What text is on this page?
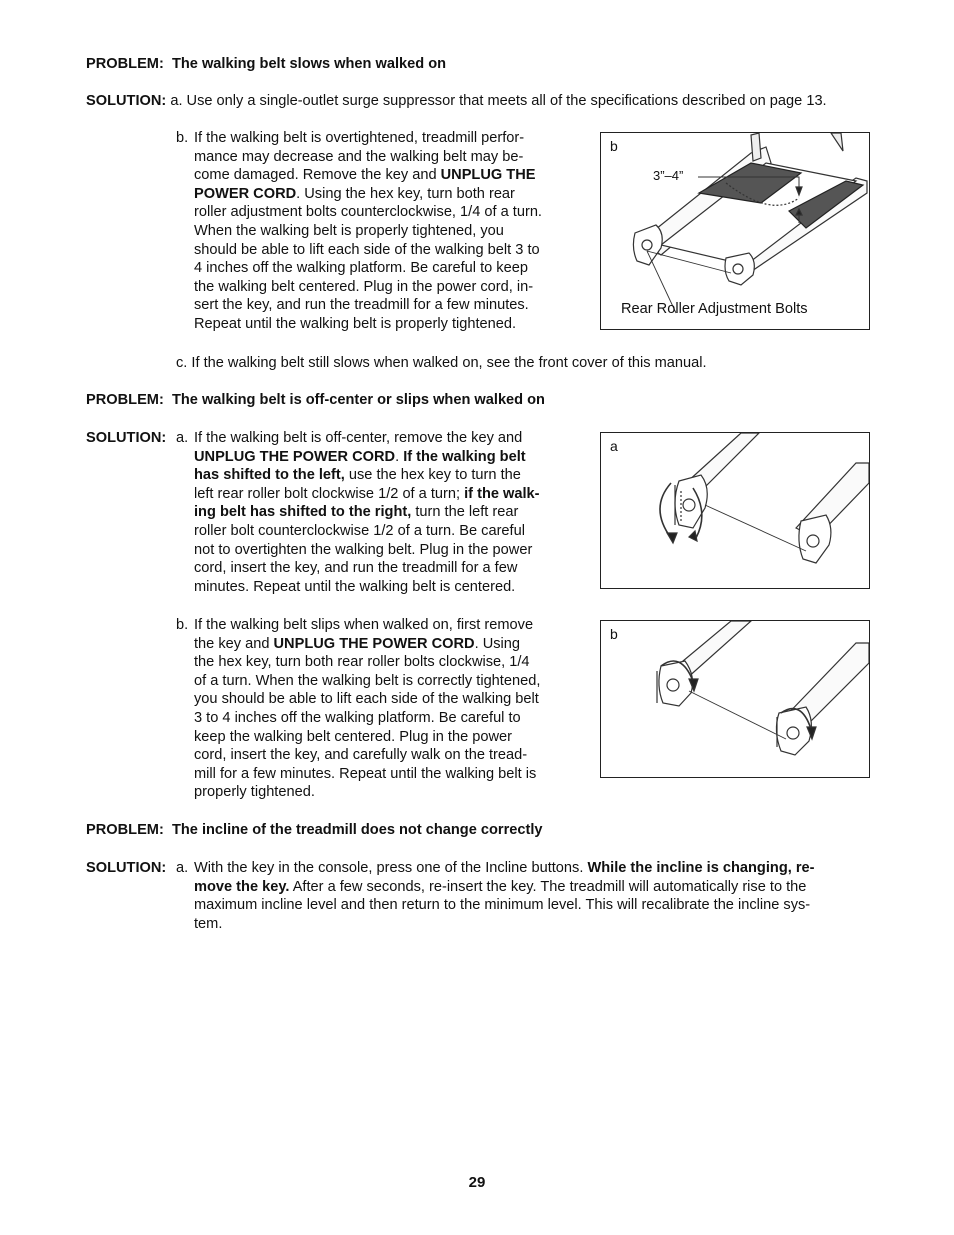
PROBLEM: The walking belt slows when walked on
SOLUTION: a. Use only a single-outlet surge suppressor that meets all of the specifications described on page 13.
b. If the walking belt is overtightened, treadmill perfor-
mance may decrease and the walking belt may be-
come damaged. Remove the key and UNPLUG THE
POWER CORD. Using the hex key, turn both rear
roller adjustment bolts counterclockwise, 1/4 of a turn.
When the walking belt is properly tightened, you
should be able to lift each side of the walking belt 3 to
4 inches off the walking platform. Be careful to keep
the walking belt centered. Plug in the power cord, in-
sert the key, and run the treadmill for a few minutes.
Repeat until the walking belt is properly tightened.
b
3”–4”
Rear Roller Adjustment Bolts
c. If the walking belt still slows when walked on, see the front cover of this manual.
PROBLEM: The walking belt is off-center or slips when walked on
SOLUTION: a. If the walking belt is off-center, remove the key and
UNPLUG THE POWER CORD. If the walking belt
has shifted to the left, use the hex key to turn the
left rear roller bolt clockwise 1/2 of a turn; if the walk-
ing belt has shifted to the right, turn the left rear
roller bolt counterclockwise 1/2 of a turn. Be careful
not to overtighten the walking belt. Plug in the power
cord, insert the key, and run the treadmill for a few
minutes. Repeat until the walking belt is centered.
a
b. If the walking belt slips when walked on, first remove
the key and UNPLUG THE POWER CORD. Using
the hex key, turn both rear roller bolts clockwise, 1/4
of a turn. When the walking belt is correctly tightened,
you should be able to lift each side of the walking belt
3 to 4 inches off the walking platform. Be careful to
keep the walking belt centered. Plug in the power
cord, insert the key, and carefully walk on the tread-
mill for a few minutes. Repeat until the walking belt is
properly tightened.
b
PROBLEM: The incline of the treadmill does not change correctly
SOLUTION: a. With the key in the console, press one of the Incline buttons. While the incline is changing, re-
move the key. After a few seconds, re-insert the key. The treadmill will automatically rise to the
maximum incline level and then return to the minimum level. This will recalibrate the incline sys-
tem.
29
